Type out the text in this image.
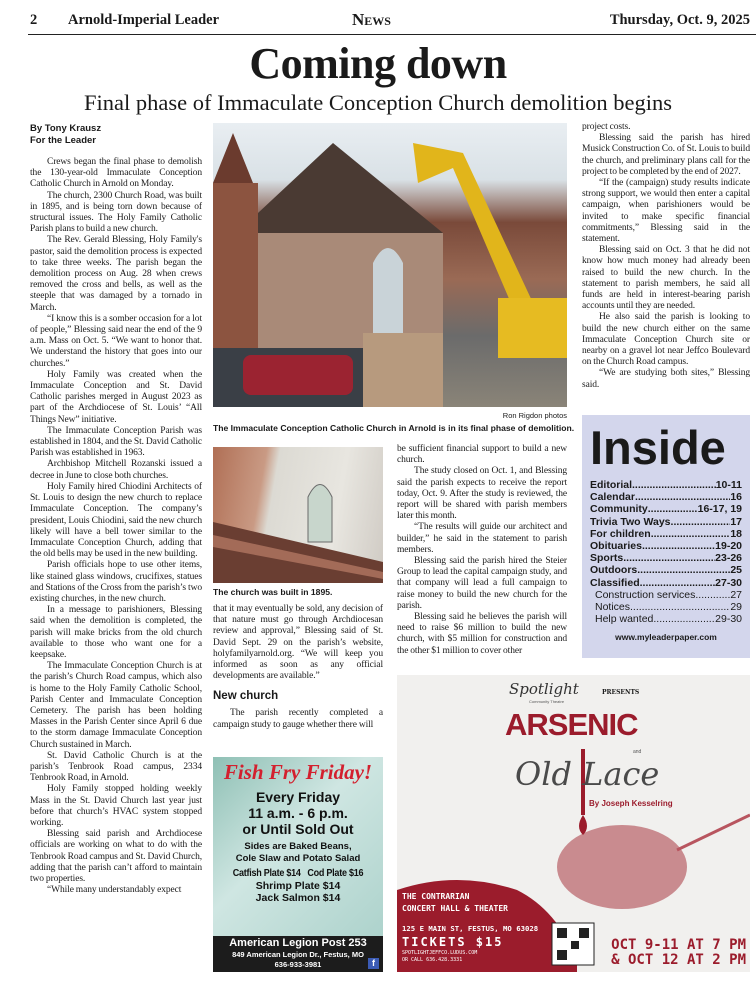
2 Arnold-Imperial Leader	News	Thursday, Oct. 9, 2025
Coming down
Final phase of Immaculate Conception Church demolition begins
By Tony Krausz
For the Leader

Crews began the final phase to demolish the 130-year-old Immaculate Conception Catholic Church in Arnold on Monday.

The church, 2300 Church Road, was built in 1895, and is being torn down because of structural issues. The Holy Family Catholic Parish plans to build a new church.

The Rev. Gerald Blessing, Holy Family's pastor, said the demolition process is expected to take three weeks. The parish began the demolition process on Aug. 28 when crews removed the cross and bells, as well as the steeple that was damaged by a tornado in March.

“I know this is a somber occasion for a lot of people,” Blessing said near the end of the 9 a.m. Mass on Oct. 5. “We want to honor that. We understand the history that goes into our churches.”

Holy Family was created when the Immaculate Conception and St. David Catholic parishes merged in August 2023 as part of the Archdiocese of St. Louis’ “All Things New” initiative.

The Immaculate Conception Parish was established in 1804, and the St. David Catholic Parish was established in 1963.

Archbishop Mitchell Rozanski issued a decree in June to close both churches.

Holy Family hired Chiodini Architects of St. Louis to design the new church to replace Immaculate Conception. The company’s president, Louis Chiodini, said the new church likely will have a bell tower similar to the Immaculate Conception Church, adding that the old bells may be used in the new building.

Parish officials hope to use other items, like stained glass windows, crucifixes, statues and Stations of the Cross from the parish’s two existing churches, in the new church.

In a message to parishioners, Blessing said when the demolition is completed, the parish will make bricks from the old church available to those who want one for a keepsake.

The Immaculate Conception Church is at the parish’s Church Road campus, which also is home to the Holy Family Catholic School, Parish Center and Immaculate Conception Cemetery. The parish has been holding Masses in the Parish Center since April 6 due to the storm damage Immaculate Conception Church sustained in March.

St. David Catholic Church is at the parish’s Tenbrook Road campus, 2334 Tenbrook Road, in Arnold.

Holy Family stopped holding weekly Mass in the St. David Church last year just before that church’s HVAC system stopped working.

Blessing said parish and Archdiocese officials are working on what to do with the Tenbrook Road campus and St. David Church, adding that the parish can’t afford to maintain two properties.

“While many understandably expect

Ron Rigdon photos
The Immaculate Conception Catholic Church in Arnold is in its final phase of demolition.
The church was built in 1895.

that it may eventually be sold, any decision of that nature must go through Archdiocesan review and approval,” Blessing said of St. David Sept. 29 on the parish’s website, holyfamilyarnold.org. “We will keep you informed as soon as any official developments are available.”

New church

The parish recently completed a campaign study to gauge whether there will

be sufficient financial support to build a new church.

The study closed on Oct. 1, and Blessing said the parish expects to receive the report today, Oct. 9. After the study is reviewed, the report will be shared with parish members later this month.

“The results will guide our architect and builder,” he said in the statement to parish members.

Blessing said the parish hired the Steier Group to lead the capital campaign study, and that company will lead a full campaign to raise money to build the new church for the parish.

Blessing said he believes the parish will need to raise $6 million to build the new church, with $5 million for construction and the other $1 million to cover other

project costs.

Blessing said the parish has hired Musick Construction Co. of St. Louis to build the church, and preliminary plans call for the project to be completed by the end of 2027.

“If the (campaign) study results indicate strong support, we would then enter a capital campaign, when parishioners would be invited to make specific financial commitments,” Blessing said in the statement.

Blessing said on Oct. 3 that he did not know how much money had already been raised to build the new church. In the statement to parish members, he said all funds are held in interest-bearing parish accounts until they are needed.

He also said the parish is looking to build the new church either on the same Immaculate Conception Church site or nearby on a gravel lot near Jeffco Boulevard on the Church Road campus.

“We are studying both sites,” Blessing said.

Inside
Editorial .....	10-11
Calendar .....	16
Community .....	16-17, 19
Trivia Two Ways .....	17
For children .....	18
Obituaries .....	19-20
Sports .....	23-26
Outdoors .....	25
Classified .....	27-30
Construction services .....	27
Notices .....	29
Help wanted .....	29-30
www.myleaderpaper.com
Fish Fry Friday!
Every Friday
11 a.m. - 6 p.m.
or Until Sold Out
Sides are Baked Beans,
Cole Slaw and Potato Salad
Catfish Plate $14   Cod Plate $16
Shrimp Plate $14
Jack Salmon $14
American Legion Post 253
849 American Legion Dr., Festus, MO
636-933-3981	f
Spotlight
Community Theatre
PRESENTS
ARSENIC
and
Old Lace
By Joseph Kesselring
THE CONTRARIAN
CONCERT HALL & THEATER
125 E MAIN ST, FESTUS, MO 63028
TICKETS $15
SPOTLIGHTJEFFCO.LUDUS.COM
OR CALL 636.428.3331
OCT 9-11 AT 7 PM
& OCT 12 AT 2 PM
